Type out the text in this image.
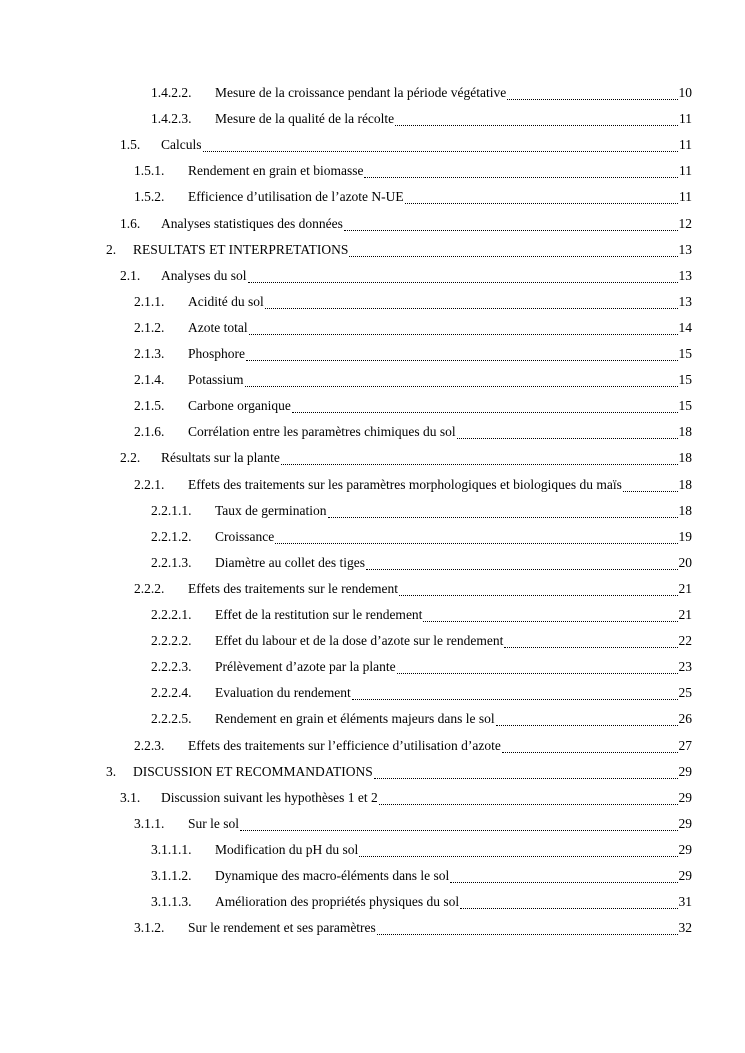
1.4.2.2.	Mesure de la croissance pendant la période végétative	10
1.4.2.3.	Mesure de la qualité de la récolte	11
1.5.	Calculs	11
1.5.1.	Rendement en grain et biomasse	11
1.5.2.	Efficience d’utilisation de l’azote N-UE	11
1.6.	Analyses statistiques des données	12
2.	RESULTATS ET INTERPRETATIONS	13
2.1.	Analyses du sol	13
2.1.1.	Acidité du sol	13
2.1.2.	Azote total	14
2.1.3.	Phosphore	15
2.1.4.	Potassium	15
2.1.5.	Carbone organique	15
2.1.6.	Corrélation entre les paramètres chimiques du sol	18
2.2.	Résultats sur la plante	18
2.2.1.	Effets des traitements sur les paramètres morphologiques et biologiques du maïs	18
2.2.1.1.	Taux de germination	18
2.2.1.2.	Croissance	19
2.2.1.3.	Diamètre au collet des tiges	20
2.2.2.	Effets des traitements sur le rendement	21
2.2.2.1.	Effet de la restitution sur le rendement	21
2.2.2.2.	Effet du labour et de la dose d’azote sur le rendement	22
2.2.2.3.	Prélèvement d’azote par la plante	23
2.2.2.4.	Evaluation du rendement	25
2.2.2.5.	Rendement en grain et éléments majeurs dans le sol	26
2.2.3.	Effets des traitements sur l’efficience d’utilisation d’azote	27
3.	DISCUSSION ET RECOMMANDATIONS	29
3.1.	Discussion suivant les hypothèses 1 et 2	29
3.1.1.	Sur le sol	29
3.1.1.1.	Modification du pH du sol	29
3.1.1.2.	Dynamique des macro-éléments dans le sol	29
3.1.1.3.	Amélioration des propriétés physiques du sol	31
3.1.2.	Sur le rendement et ses paramètres	32
